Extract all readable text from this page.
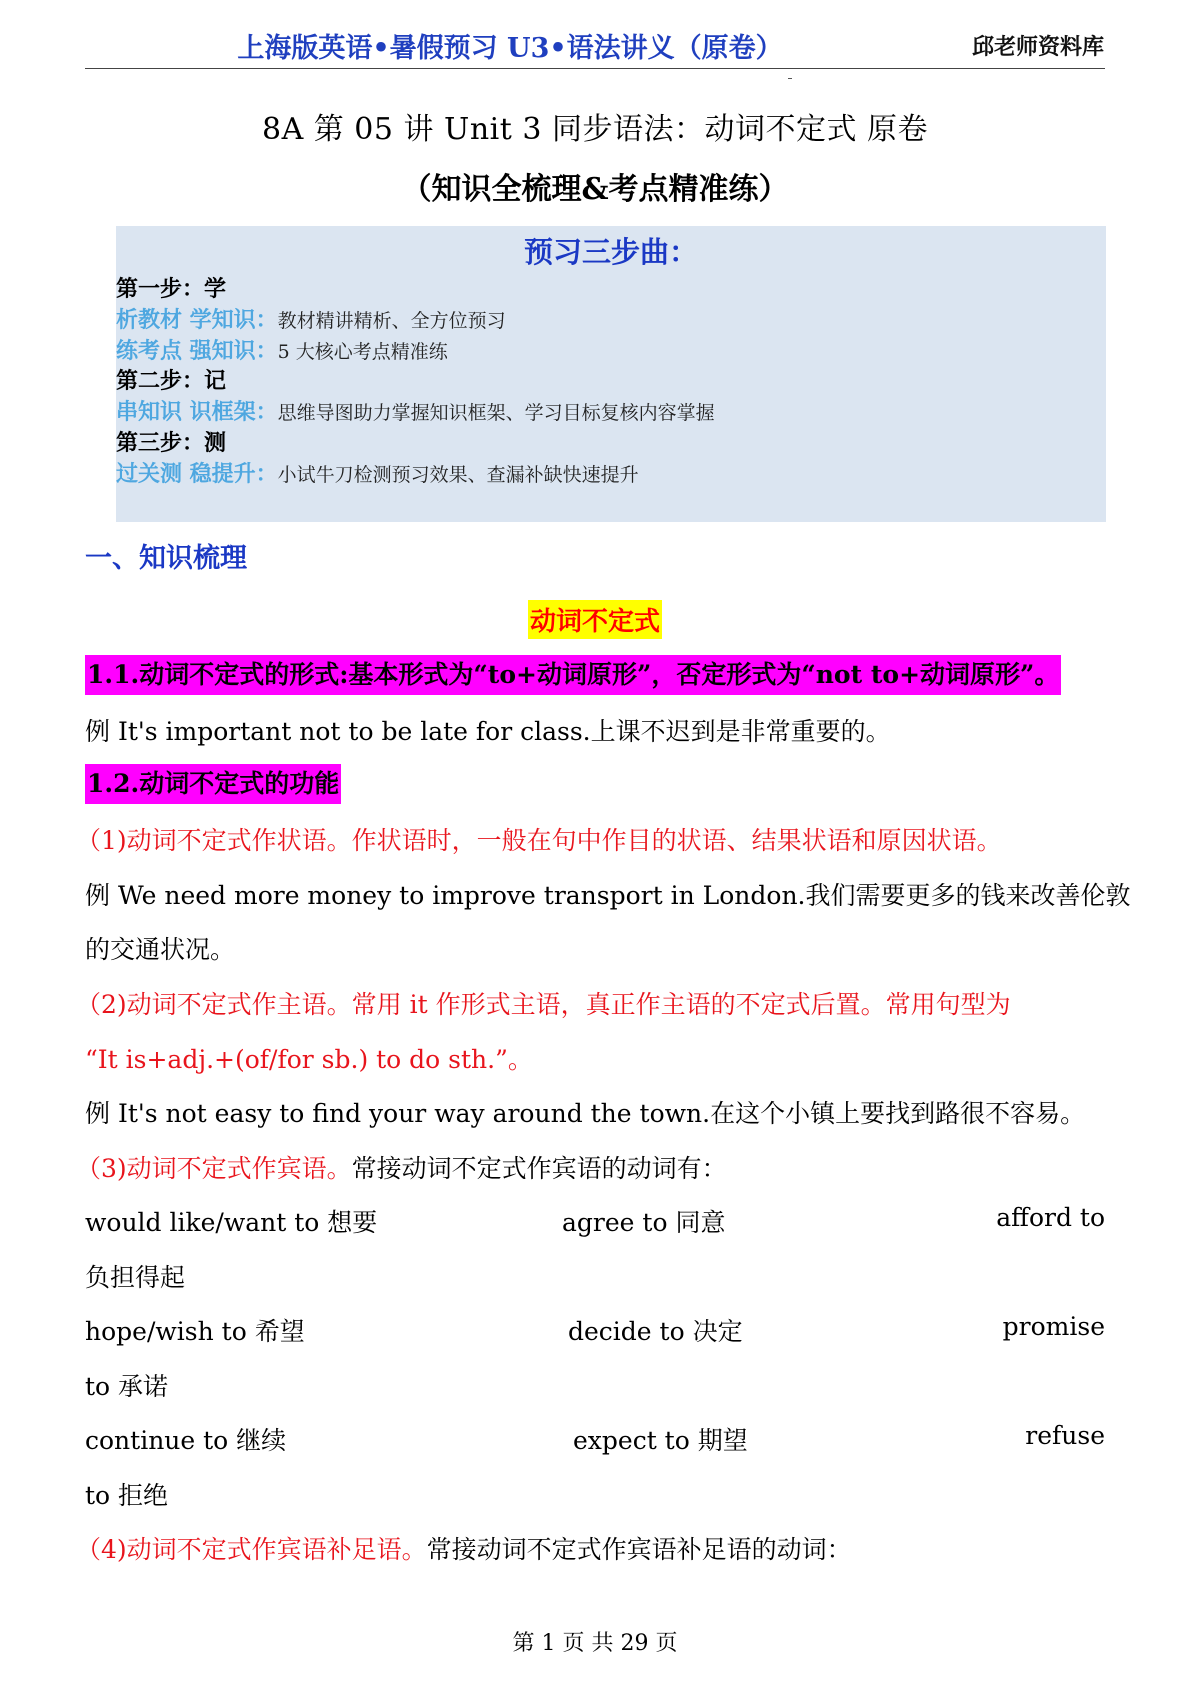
上海版英语•暑假预习 U3•语法讲义（原卷）	邱老师资料库
8A 第 05 讲 Unit 3 同步语法：动词不定式 原卷
（知识全梳理&考点精准练）
预习三步曲：
第一步：学
析教材 学知识：教材精讲精析、全方位预习
练考点 强知识：5 大核心考点精准练
第二步：记
串知识 识框架：思维导图助力掌握知识框架、学习目标复核内容掌握
第三步：测
过关测 稳提升：小试牛刀检测预习效果、查漏补缺快速提升
一、知识梳理
动词不定式
1.1.动词不定式的形式:基本形式为“to+动词原形”，否定形式为“not to+动词原形”。
例 It's important not to be late for class.上课不迟到是非常重要的。
1.2.动词不定式的功能
（1)动词不定式作状语。作状语时，一般在句中作目的状语、结果状语和原因状语。
例 We need more money to improve transport in London.我们需要更多的钱来改善伦敦
的交通状况。
（2)动词不定式作主语。常用 it 作形式主语，真正作主语的不定式后置。常用句型为
“It is+adj.+(of/for sb.) to do sth.”。
例 It's not easy to find your way around the town.在这个小镇上要找到路很不容易。
（3)动词不定式作宾语。常接动词不定式作宾语的动词有：
would like/want to 想要	agree to 同意	afford to
负担得起
hope/wish to 希望	decide to 决定	promise
to 承诺
continue to 继续	expect to 期望	refuse
to 拒绝
（4)动词不定式作宾语补足语。常接动词不定式作宾语补足语的动词：
第 1 页 共 29 页
